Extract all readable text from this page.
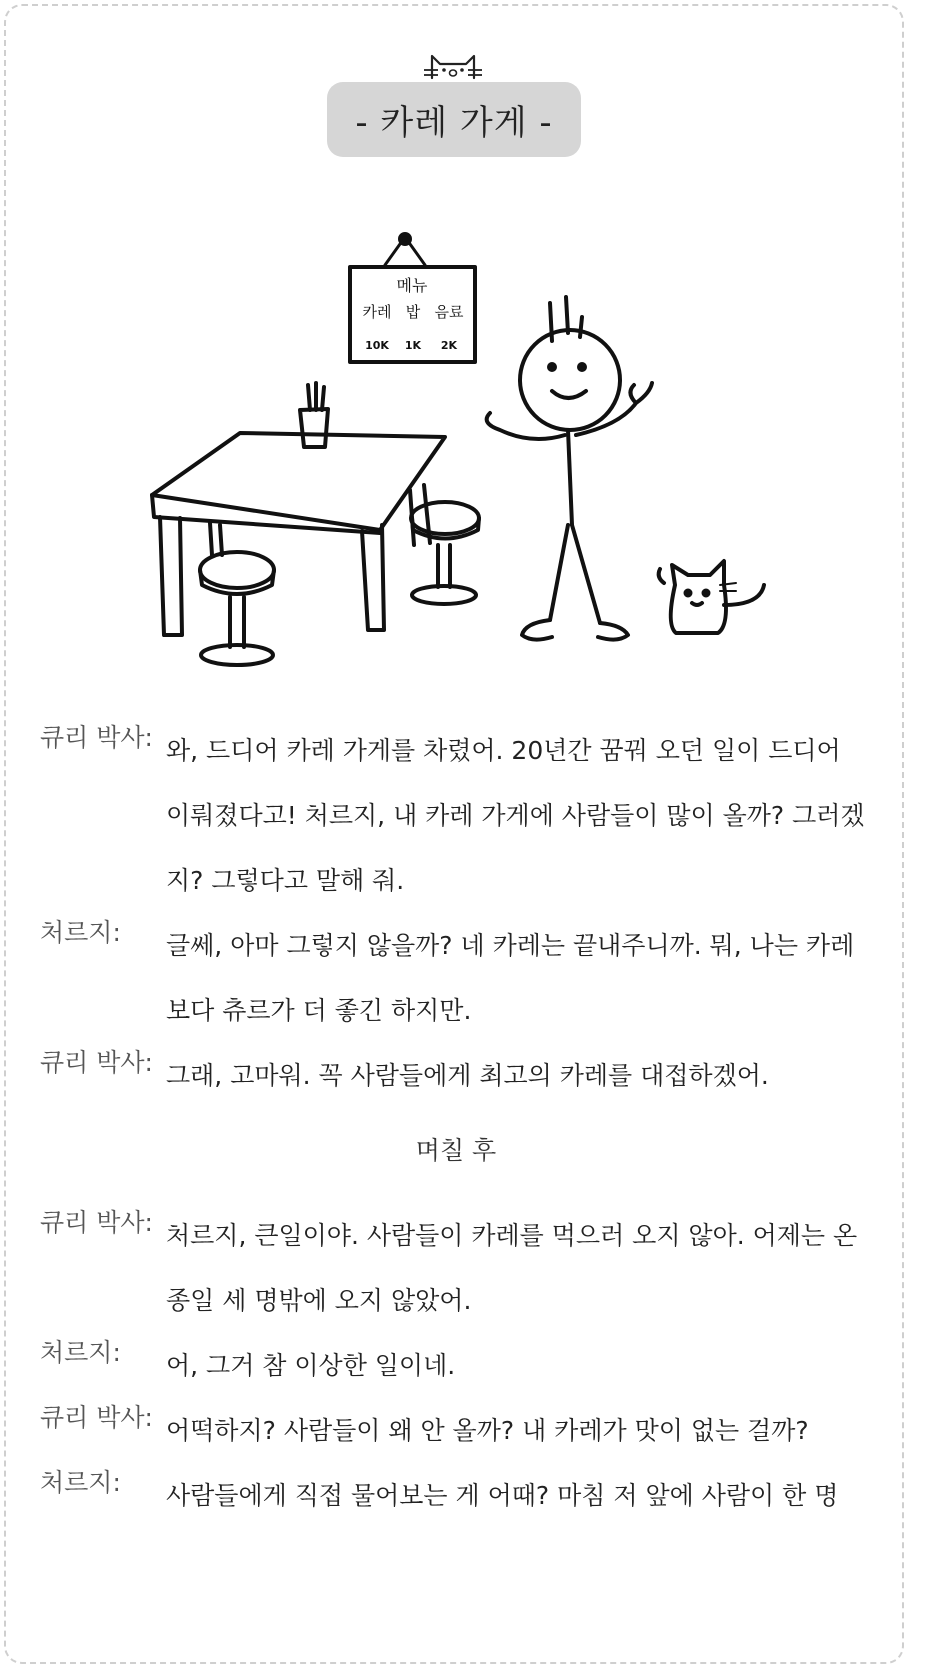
- 카레 가게 -
메뉴
카레 밥 음료
10K 1K 2K
큐리 박사: 와, 드디어 카레 가게를 차렸어. 20년간 꿈꿔 오던 일이 드디어 이뤄졌다고! 처르지, 내 카레 가게에 사람들이 많이 올까? 그러겠지? 그렇다고 말해 줘.
처르지:	글쎄, 아마 그렇지 않을까? 네 카레는 끝내주니까. 뭐, 나는 카레보다 츄르가 더 좋긴 하지만.
큐리 박사: 그래, 고마워. 꼭 사람들에게 최고의 카레를 대접하겠어.
며칠 후
큐리 박사: 처르지, 큰일이야. 사람들이 카레를 먹으러 오지 않아. 어제는 온종일 세 명밖에 오지 않았어.
처르지:	어, 그거 참 이상한 일이네.
큐리 박사: 어떡하지? 사람들이 왜 안 올까? 내 카레가 맛이 없는 걸까?
처르지:	사람들에게 직접 물어보는 게 어때? 마침 저 앞에 사람이 한 명
